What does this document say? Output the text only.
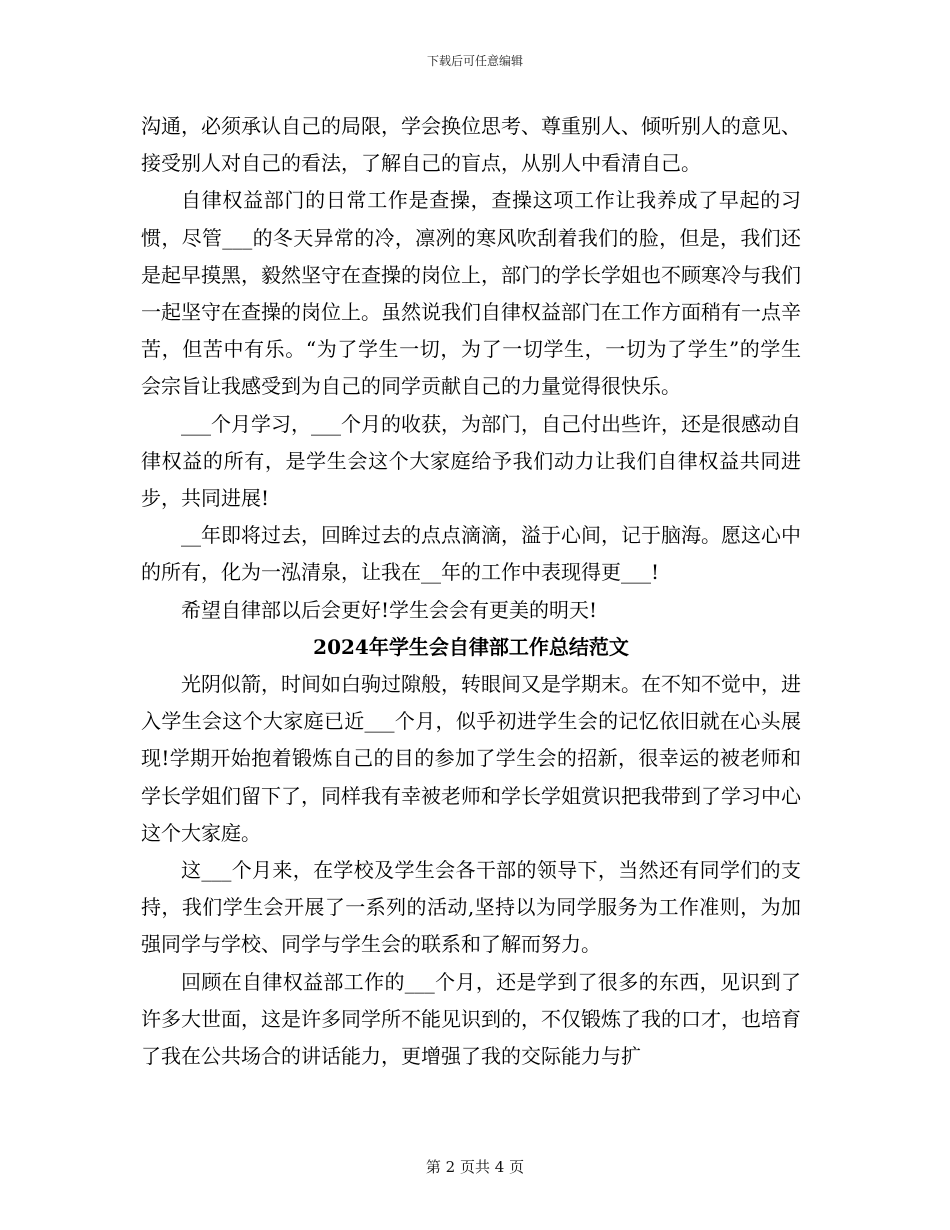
下载后可任意编辑

沟通，必须承认自己的局限，学会换位思考、尊重别人、倾听别人的意见、接受别人对自己的看法，了解自己的盲点，从别人中看清自己。

自律权益部门的日常工作是查操，查操这项工作让我养成了早起的习惯，尽管___的冬天异常的冷，凛冽的寒风吹刮着我们的脸，但是，我们还是起早摸黑，毅然坚守在查操的岗位上，部门的学长学姐也不顾寒冷与我们一起坚守在查操的岗位上。虽然说我们自律权益部门在工作方面稍有一点辛苦，但苦中有乐。“为了学生一切，为了一切学生，一切为了学生”的学生会宗旨让我感受到为自己的同学贡献自己的力量觉得很快乐。

___个月学习，___个月的收获，为部门，自己付出些许，还是很感动自律权益的所有，是学生会这个大家庭给予我们动力让我们自律权益共同进步，共同进展!

__年即将过去，回眸过去的点点滴滴，溢于心间，记于脑海。愿这心中的所有，化为一泓清泉，让我在__年的工作中表现得更___!

希望自律部以后会更好!学生会会有更美的明天!

2024年学生会自律部工作总结范文

光阴似箭，时间如白驹过隙般，转眼间又是学期末。在不知不觉中，进入学生会这个大家庭已近___个月，似乎初进学生会的记忆依旧就在心头展现!学期开始抱着锻炼自己的目的参加了学生会的招新，很幸运的被老师和学长学姐们留下了，同样我有幸被老师和学长学姐赏识把我带到了学习中心这个大家庭。

这___个月来，在学校及学生会各干部的领导下，当然还有同学们的支持，我们学生会开展了一系列的活动,坚持以为同学服务为工作准则，为加强同学与学校、同学与学生会的联系和了解而努力。

回顾在自律权益部工作的___个月，还是学到了很多的东西，见识到了许多大世面，这是许多同学所不能见识到的，不仅锻炼了我的口才，也培育了我在公共场合的讲话能力，更增强了我的交际能力与扩

第 2 页共 4 页
